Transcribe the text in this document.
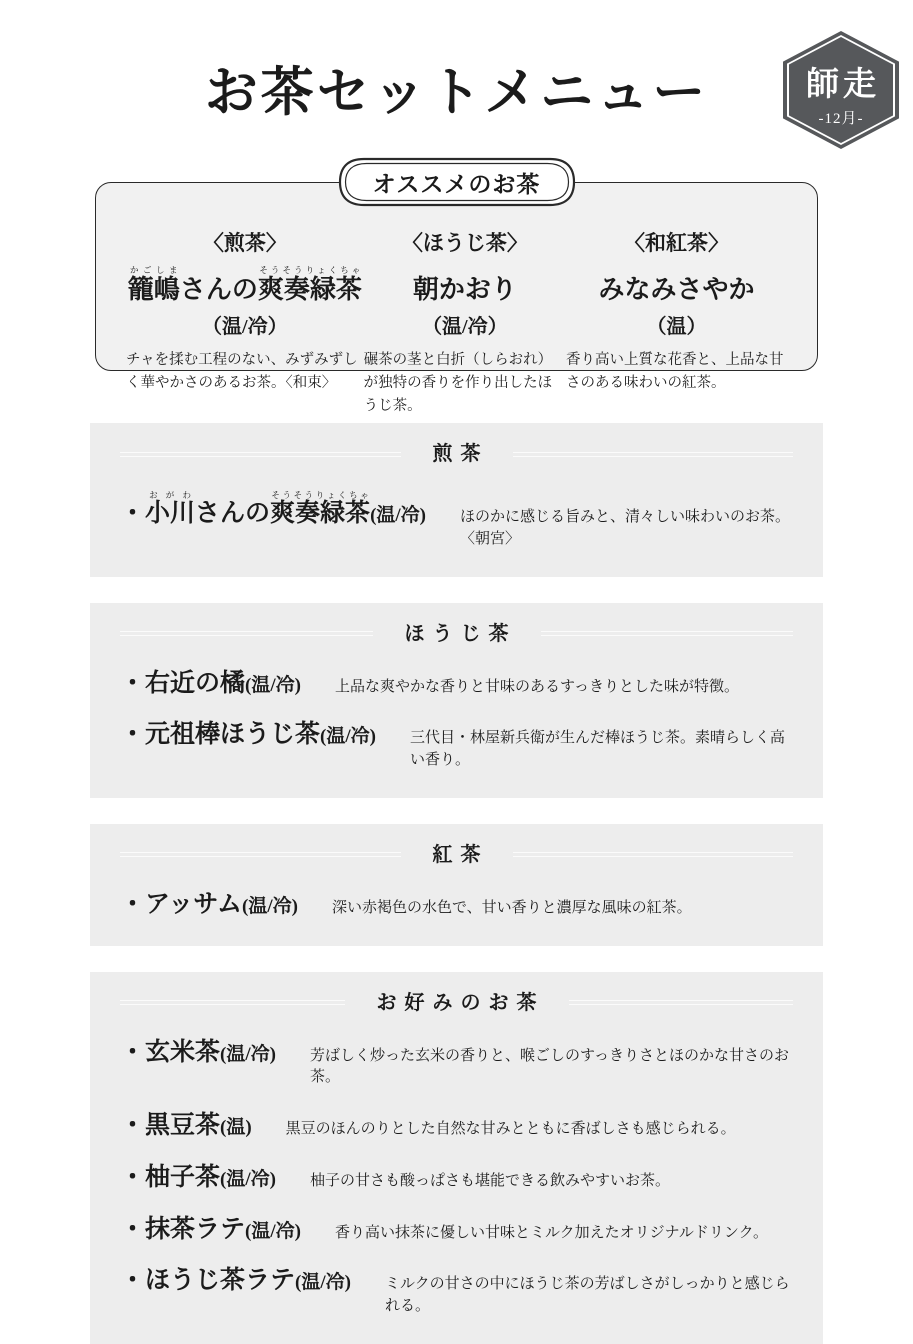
お茶セットメニュー	師走
-12月-
オススメのお茶
〈煎茶〉
籠嶋かごしまさんの爽奏緑茶そうそうりょくちゃ
（温/冷）
チャを揉む工程のない、みずみずしく華やかさのあるお茶。〈和束〉
〈ほうじ茶〉
朝かおり
（温/冷）
碾茶の茎と白折（しらおれ）が独特の香りを作り出したほうじ茶。
〈和紅茶〉
みなみさやか
（温）
香り高い上質な花香と、上品な甘さのある味わいの紅茶。
煎茶
・小川おがわさんの爽奏緑茶そうそうりょくちゃ
(温/冷) ほのかに感じる旨みと、清々しい味わいのお茶。〈朝宮〉
ほうじ茶
・右近の橘 (温/冷) 上品な爽やかな香りと甘味のあるすっきりとした味が特徴。
・元祖棒ほうじ茶 (温/冷) 三代目・林屋新兵衛が生んだ棒ほうじ茶。素晴らしく高い香り。
紅茶
・アッサム (温/冷) 深い赤褐色の水色で、甘い香りと濃厚な風味の紅茶。
お好みのお茶
・玄米茶 (温/冷) 芳ばしく炒った玄米の香りと、喉ごしのすっきりさとほのかな甘さのお茶。
・黒豆茶 (温) 黒豆のほんのりとした自然な甘みとともに香ばしさも感じられる。
・柚子茶 (温/冷) 柚子の甘さも酸っぱさも堪能できる飲みやすいお茶。
・抹茶ラテ (温/冷) 香り高い抹茶に優しい甘味とミルク加えたオリジナルドリンク。
・ほうじ茶ラテ (温/冷) ミルクの甘さの中にほうじ茶の芳ばしさがしっかりと感じられる。
